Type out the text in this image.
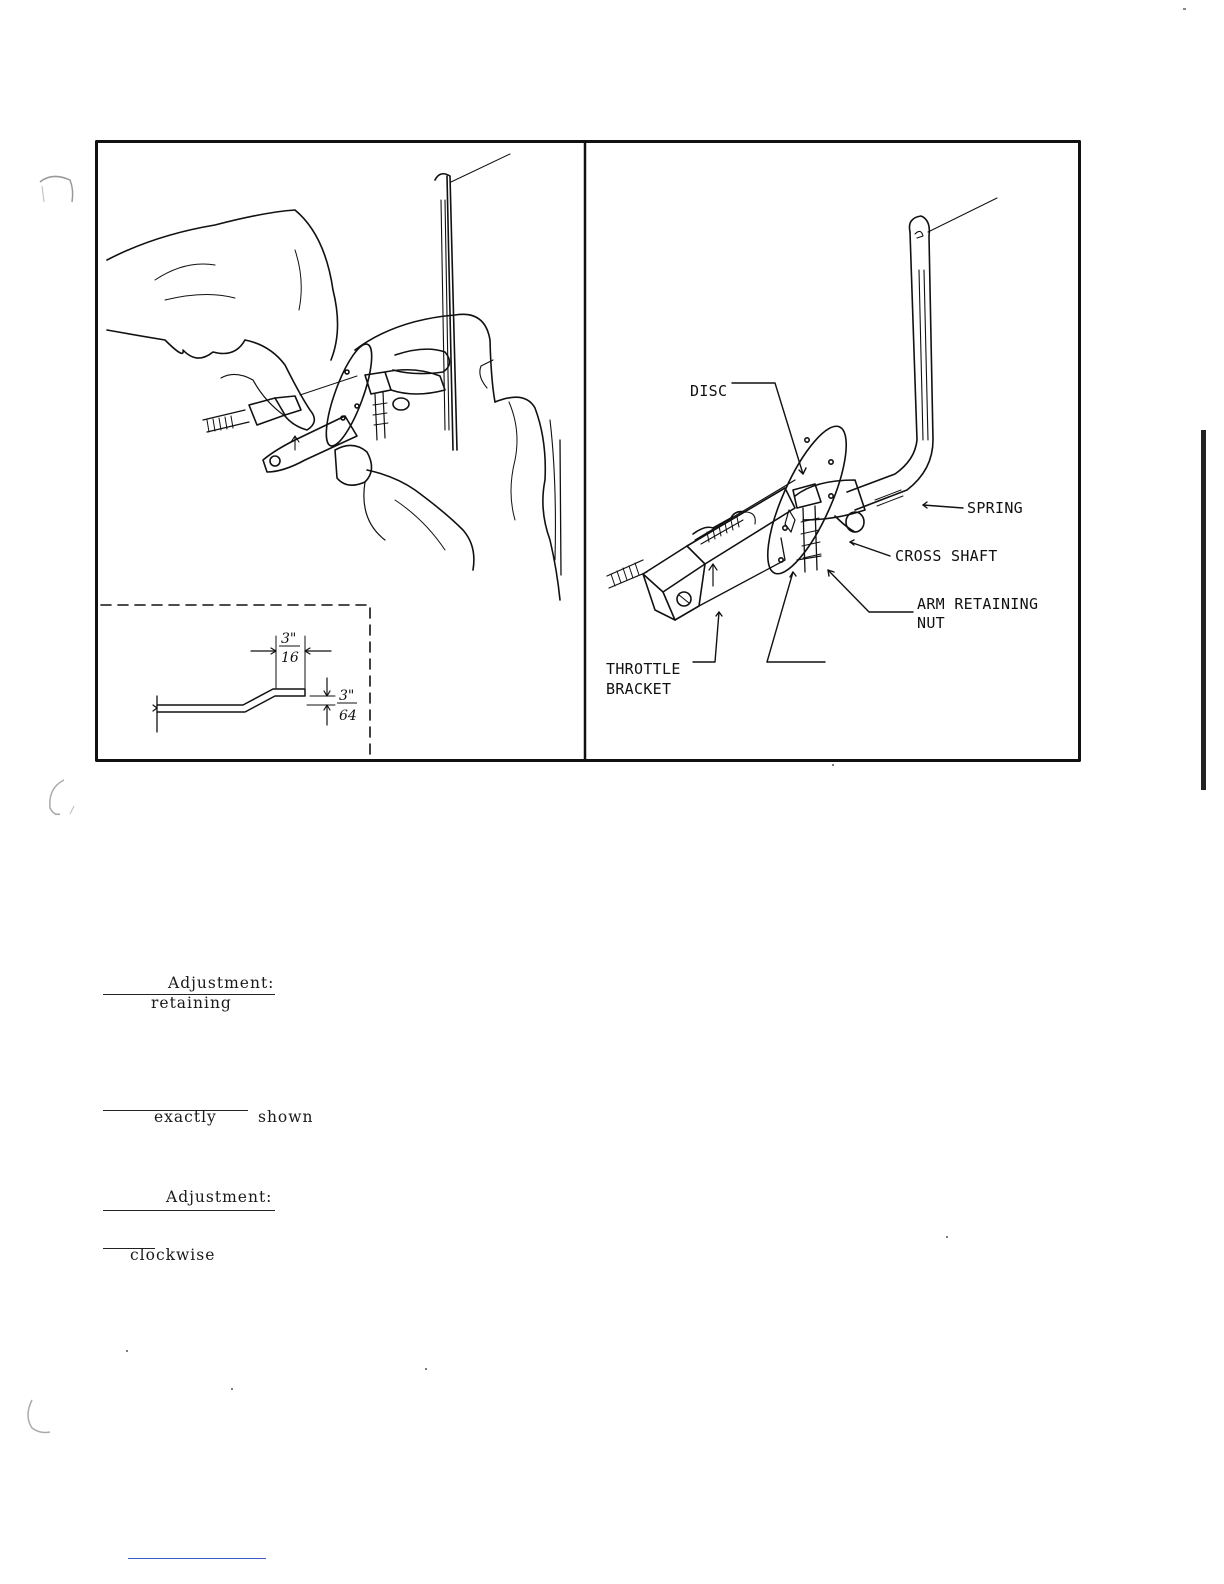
3"
16
3"
64
DISC
SPRING
CROSS SHAFT
ARM RETAINING
NUT
THROTTLE
BRACKET
Adjustment:
retaining
exactly	shown
Adjustment:
clockwise
